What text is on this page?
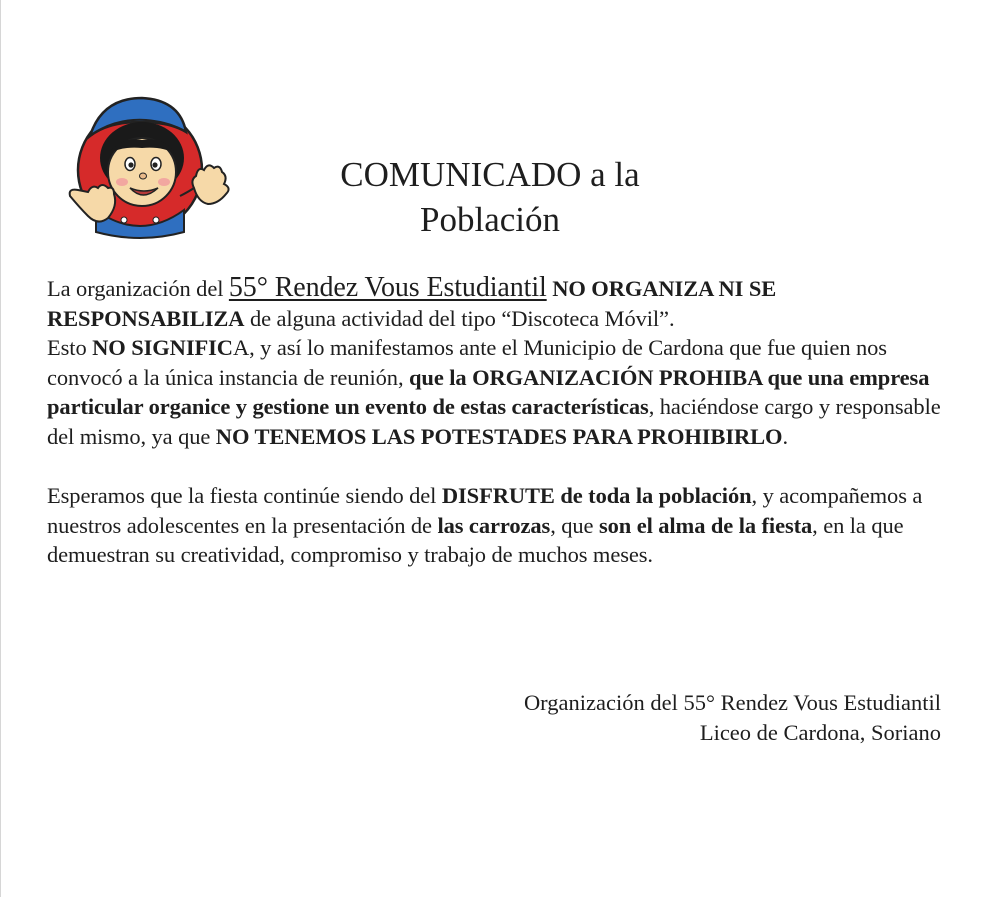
COMUNICADO a la
Población

La organización del 55° Rendez Vous Estudiantil NO ORGANIZA NI SE
RESPONSABILIZA de alguna actividad del tipo “Discoteca Móvil”.

Esto NO SIGNIFICA, y así lo manifestamos ante el Municipio de Cardona que fue quien nos convocó a la única instancia de reunión, que la ORGANIZACIÓN PROHIBA que una empresa particular organice y gestione un evento de estas características, haciéndose cargo y responsable del mismo, ya que NO TENEMOS LAS POTESTADES PARA PROHIBIRLO.

Esperamos que la fiesta continúe siendo del DISFRUTE de toda la población, y acompañemos a nuestros adolescentes en la presentación de las carrozas, que son el alma de la fiesta, en la que demuestran su creatividad, compromiso y trabajo de muchos meses.

Organización del 55° Rendez Vous Estudiantil
Liceo de Cardona, Soriano
